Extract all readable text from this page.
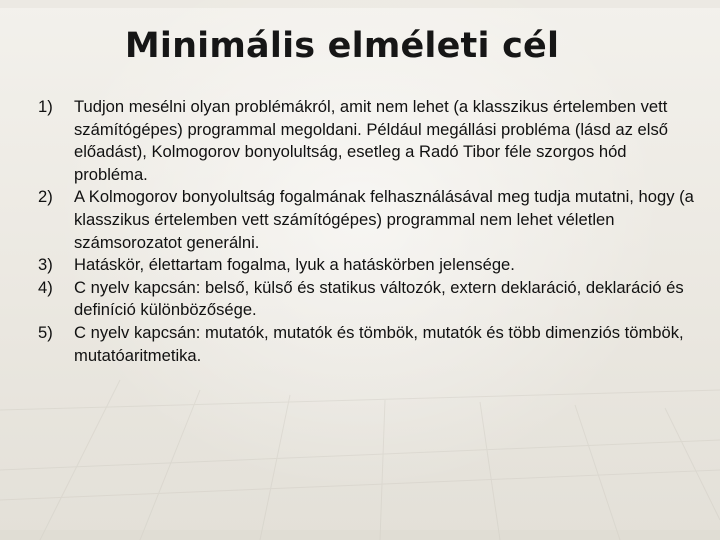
Minimális elméleti cél
1) Tudjon mesélni olyan problémákról, amit nem lehet (a klasszikus értelemben vett számítógépes) programmal megoldani. Például megállási probléma (lásd az első előadást), Kolmogorov bonyolultság, esetleg a Radó Tibor féle szorgos hód probléma.
2) A Kolmogorov bonyolultság fogalmának felhasználásával meg tudja mutatni, hogy (a klasszikus értelemben vett számítógépes) programmal nem lehet véletlen számsorozatot generálni.
3) Hatáskör, élettartam fogalma, lyuk a hatáskörben jelensége.
4) C nyelv kapcsán: belső, külső és statikus változók, extern deklaráció, deklaráció és definíció különbözősége.
5) C nyelv kapcsán: mutatók, mutatók és tömbök, mutatók és több dimenziós tömbök, mutatóaritmetika.
